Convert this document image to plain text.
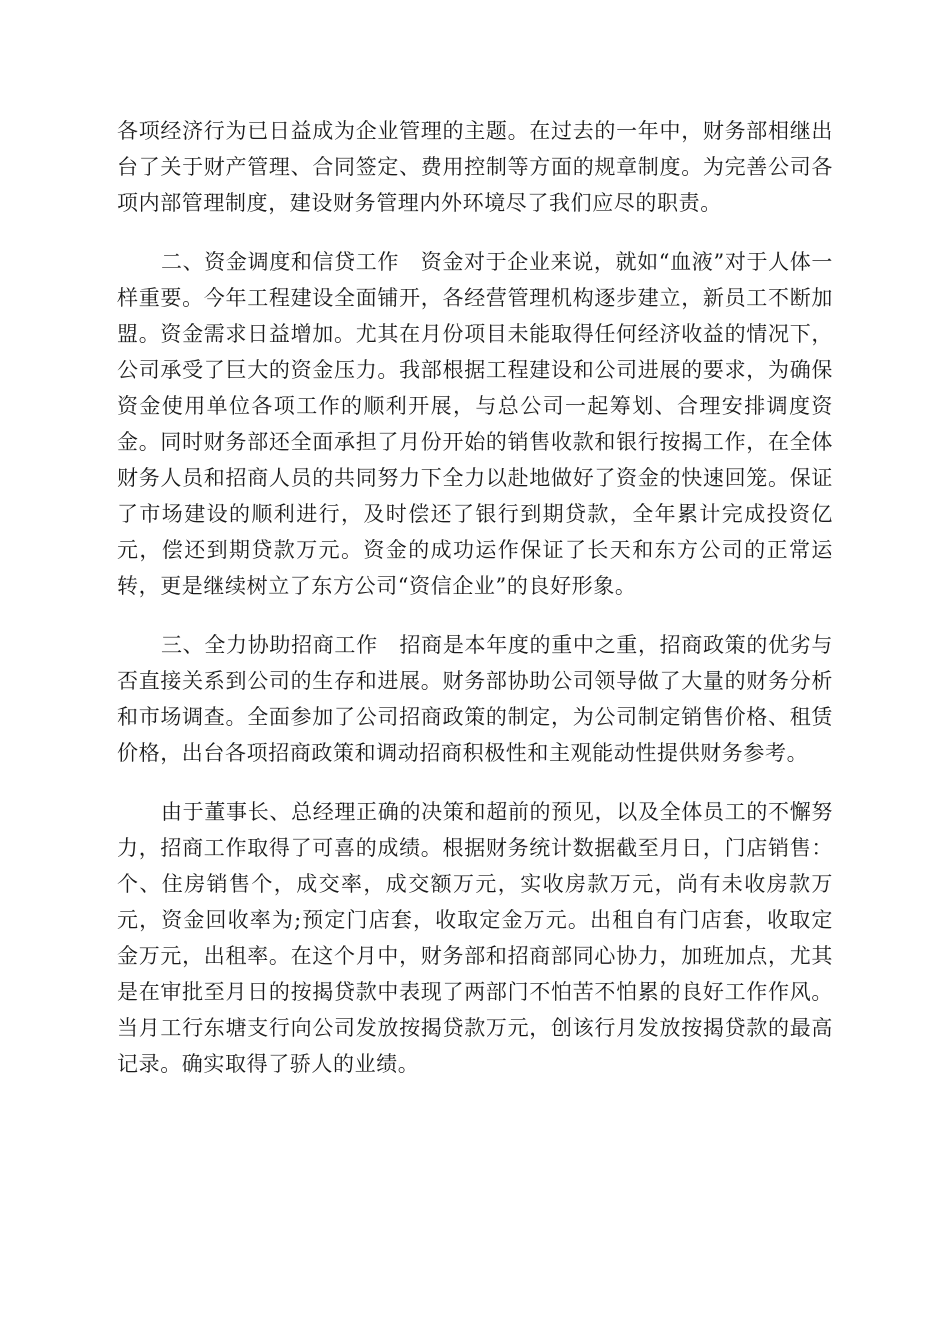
各项经济行为已日益成为企业管理的主题。在过去的一年中，财务部相继出台了关于财产管理、合同签定、费用控制等方面的规章制度。为完善公司各项内部管理制度，建设财务管理内外环境尽了我们应尽的职责。

二、资金调度和信贷工作　资金对于企业来说，就如“血液”对于人体一样重要。今年工程建设全面铺开，各经营管理机构逐步建立，新员工不断加盟。资金需求日益增加。尤其在月份项目未能取得任何经济收益的情况下，公司承受了巨大的资金压力。我部根据工程建设和公司进展的要求，为确保资金使用单位各项工作的顺利开展，与总公司一起筹划、合理安排调度资金。同时财务部还全面承担了月份开始的销售收款和银行按揭工作，在全体财务人员和招商人员的共同努力下全力以赴地做好了资金的快速回笼。保证了市场建设的顺利进行，及时偿还了银行到期贷款，全年累计完成投资亿元，偿还到期贷款万元。资金的成功运作保证了长天和东方公司的正常运转，更是继续树立了东方公司“资信企业”的良好形象。

三、全力协助招商工作　招商是本年度的重中之重，招商政策的优劣与否直接关系到公司的生存和进展。财务部协助公司领导做了大量的财务分析和市场调查。全面参加了公司招商政策的制定，为公司制定销售价格、租赁价格，出台各项招商政策和调动招商积极性和主观能动性提供财务参考。

由于董事长、总经理正确的决策和超前的预见，以及全体员工的不懈努力，招商工作取得了可喜的成绩。根据财务统计数据截至月日，门店销售：个、住房销售个，成交率，成交额万元，实收房款万元，尚有未收房款万元，资金回收率为;预定门店套，收取定金万元。出租自有门店套，收取定金万元，出租率。在这个月中，财务部和招商部同心协力，加班加点，尤其是在审批至月日的按揭贷款中表现了两部门不怕苦不怕累的良好工作作风。当月工行东塘支行向公司发放按揭贷款万元，创该行月发放按揭贷款的最高记录。确实取得了骄人的业绩。
